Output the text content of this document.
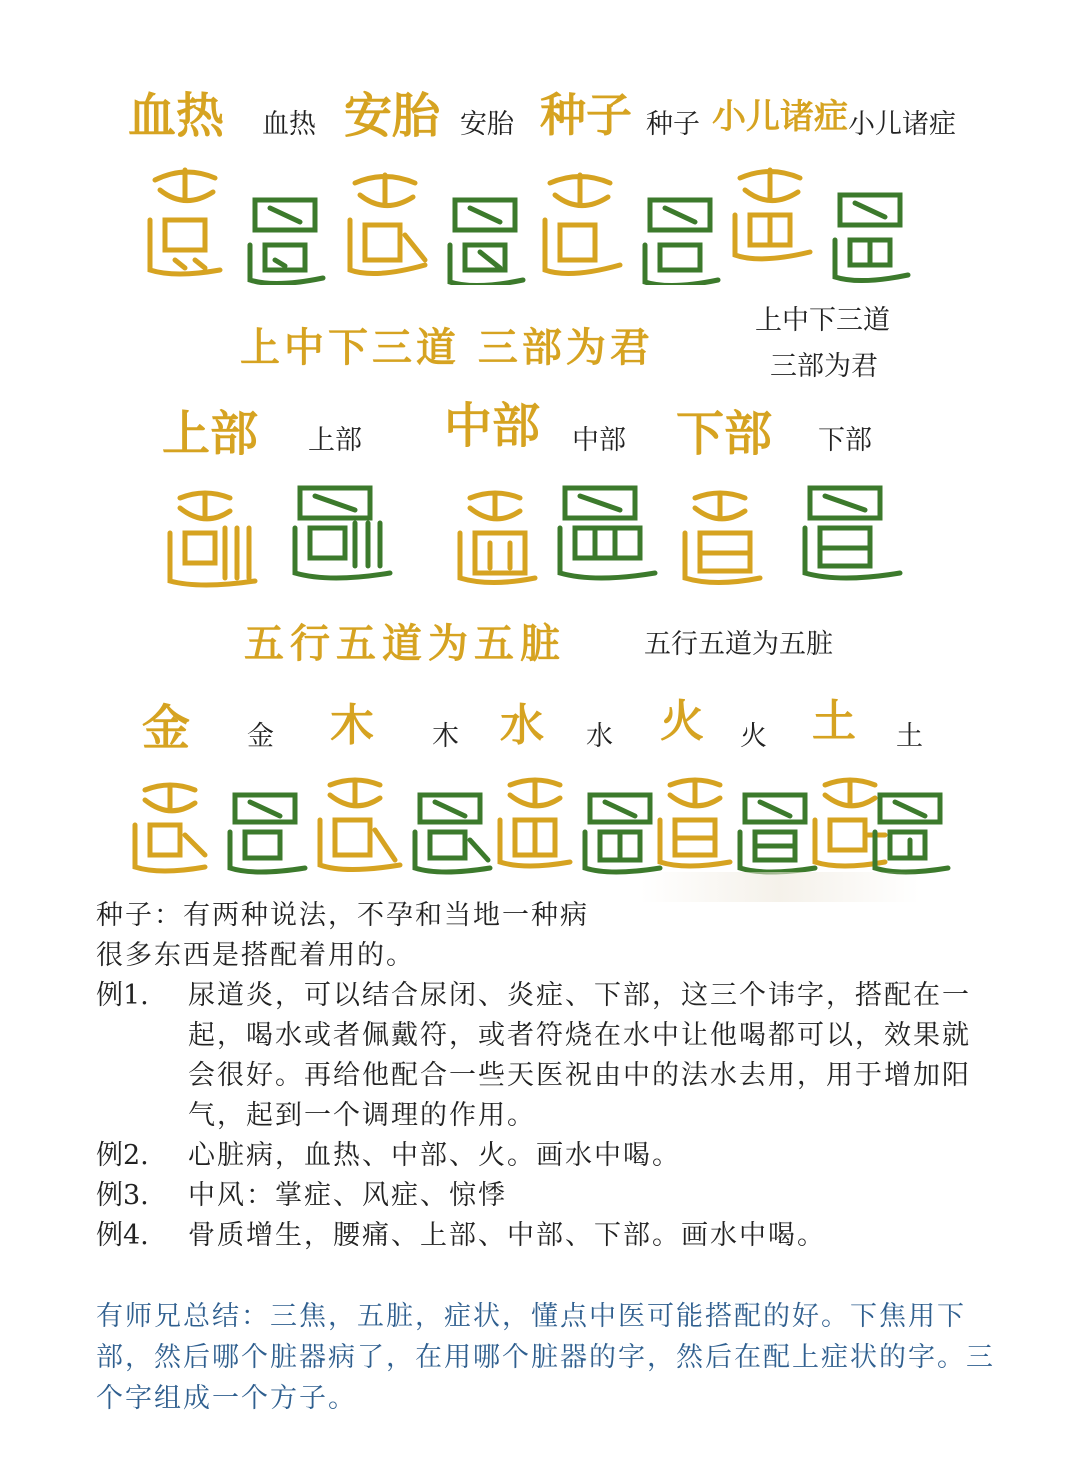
血热 血热 安胎 安胎 种子 种子 小儿诸症 小儿诸症
上中下三道 三部为君
上中下三道
三部为君
上部 上部 中部 中部 下部 下部
五行五道为五脏	五行五道为五脏
金 金 木 木 水 水 火 火 土 土
种子：有两种说法，不孕和当地一种病
很多东西是搭配着用的。
例1.	尿道炎，可以结合尿闭、炎症、下部，这三个讳字，搭配在一起，喝水或者佩戴符，或者符烧在水中让他喝都可以，效果就会很好。再给他配合一些天医祝由中的法水去用，用于增加阳气，起到一个调理的作用。
例2.	心脏病，血热、中部、火。画水中喝。
例3.	中风：掌症、风症、惊悸
例4.	骨质增生，腰痛、上部、中部、下部。画水中喝。
有师兄总结：三焦，五脏，症状，懂点中医可能搭配的好。下焦用下部，然后哪个脏器病了，在用哪个脏器的字，然后在配上症状的字。三个字组成一个方子。
